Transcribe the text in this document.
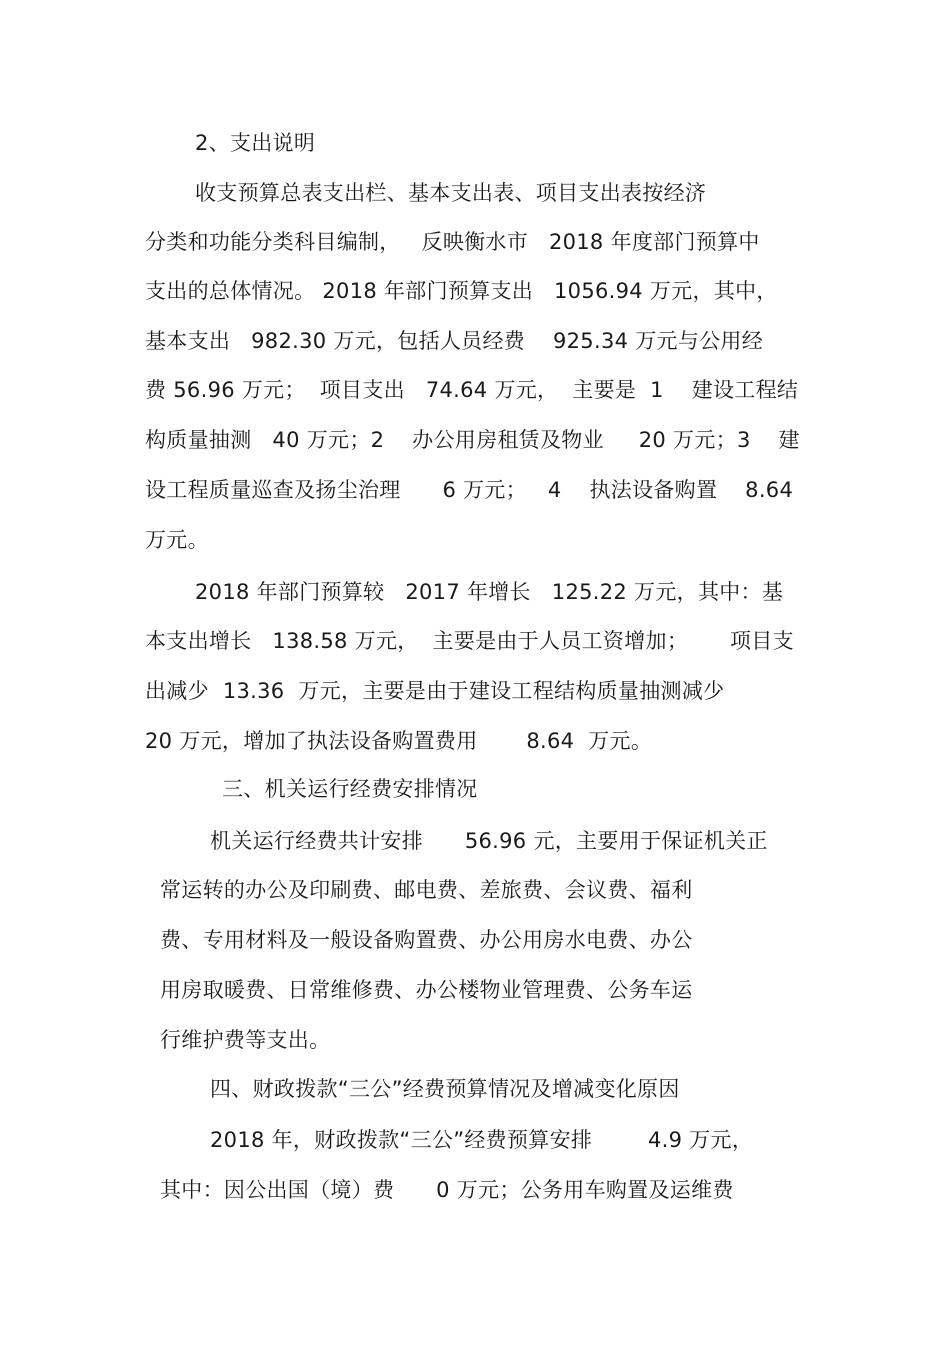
2、支出说明
收支预算总表支出栏、基本支出表、项目支出表按经济
分类和功能分类科目编制，   反映衡水市   2018 年度部门预算中
支出的总体情况。 2018 年部门预算支出   1056.94 万元，其中，
基本支出   982.30 万元，包括人员经费    925.34 万元与公用经
费 56.96 万元；  项目支出   74.64 万元，  主要是  1    建设工程结
构质量抽测   40 万元；2    办公用房租赁及物业     20 万元；3    建
设工程质量巡查及扬尘治理      6 万元；   4    执法设备购置    8.64
万元。
2018 年部门预算较   2017 年增长   125.22 万元，其中：基
本支出增长   138.58 万元，  主要是由于人员工资增加；      项目支
出减少  13.36  万元，主要是由于建设工程结构质量抽测减少
20 万元，增加了执法设备购置费用       8.64  万元。
三、机关运行经费安排情况
机关运行经费共计安排      56.96 元，主要用于保证机关正
常运转的办公及印刷费、邮电费、差旅费、会议费、福利
费、专用材料及一般设备购置费、办公用房水电费、办公
用房取暖费、日常维修费、办公楼物业管理费、公务车运
行维护费等支出。
四、财政拨款“三公”经费预算情况及增减变化原因
2018 年，财政拨款“三公”经费预算安排        4.9 万元，
其中：因公出国（境）费      0 万元；公务用车购置及运维费
